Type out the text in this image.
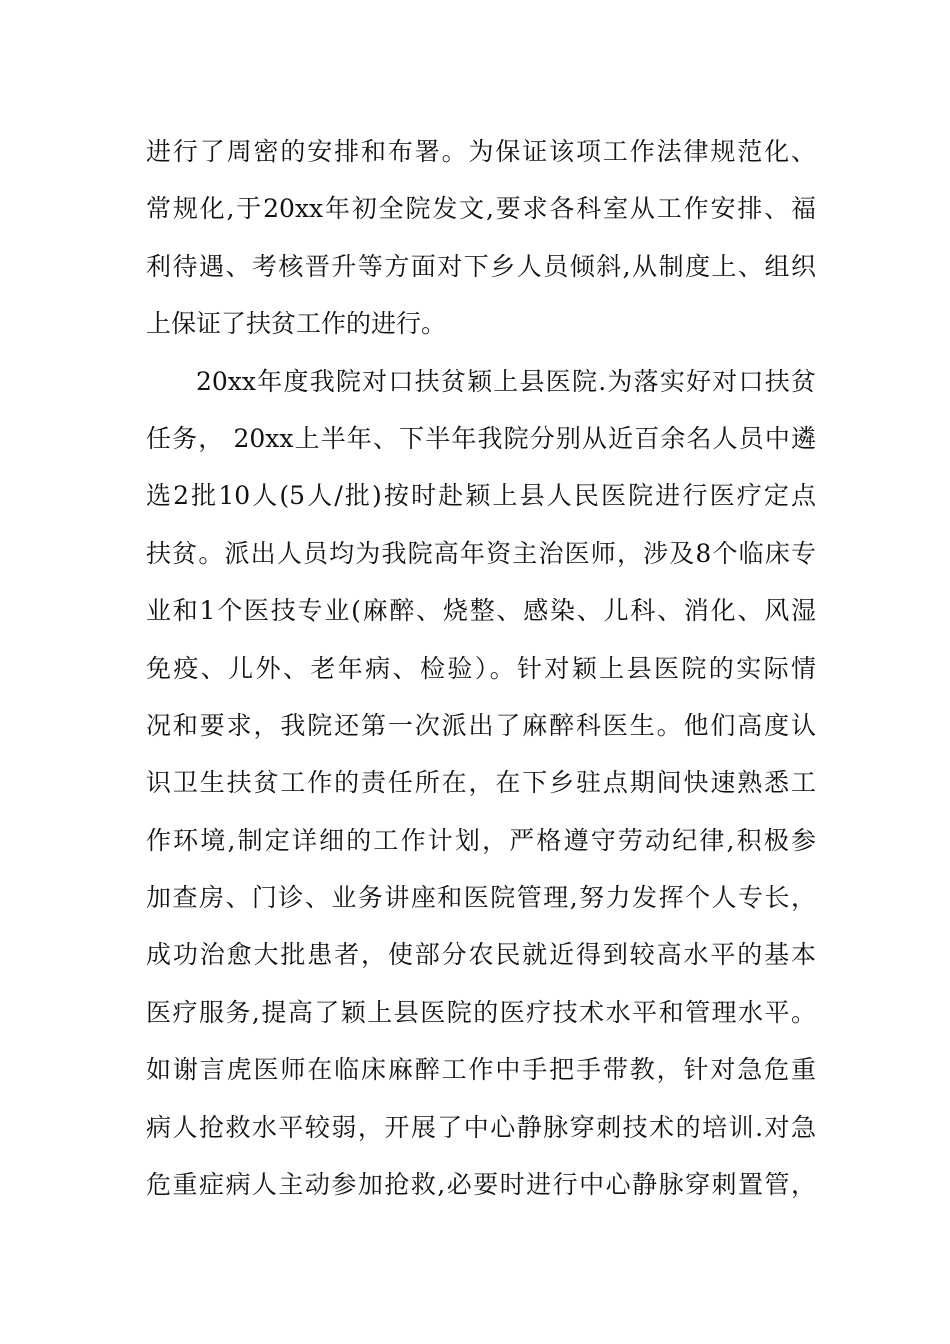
进行了周密的安排和布署。为保证该项工作法律规范化、
常规化,于20xx年初全院发文,要求各科室从工作安排、福
利待遇、考核晋升等方面对下乡人员倾斜,从制度上、组织
上保证了扶贫工作的进行。
20xx年度我院对口扶贫颖上县医院.为落实好对口扶贫
任务， 20xx上半年、下半年我院分别从近百余名人员中遴
选2批10人(5人/批)按时赴颖上县人民医院进行医疗定点
扶贫。派出人员均为我院高年资主治医师，涉及8个临床专
业和1个医技专业(麻醉、烧整、感染、儿科、消化、风湿
免疫、儿外、老年病、检验）。针对颖上县医院的实际情
况和要求，我院还第一次派出了麻醉科医生。他们高度认
识卫生扶贫工作的责任所在，在下乡驻点期间快速熟悉工
作环境,制定详细的工作计划，严格遵守劳动纪律,积极参
加查房、门诊、业务讲座和医院管理,努力发挥个人专长，
成功治愈大批患者，使部分农民就近得到较高水平的基本
医疗服务,提高了颖上县医院的医疗技术水平和管理水平。
如谢言虎医师在临床麻醉工作中手把手带教，针对急危重
病人抢救水平较弱，开展了中心静脉穿刺技术的培训.对急
危重症病人主动参加抢救,必要时进行中心静脉穿刺置管，
